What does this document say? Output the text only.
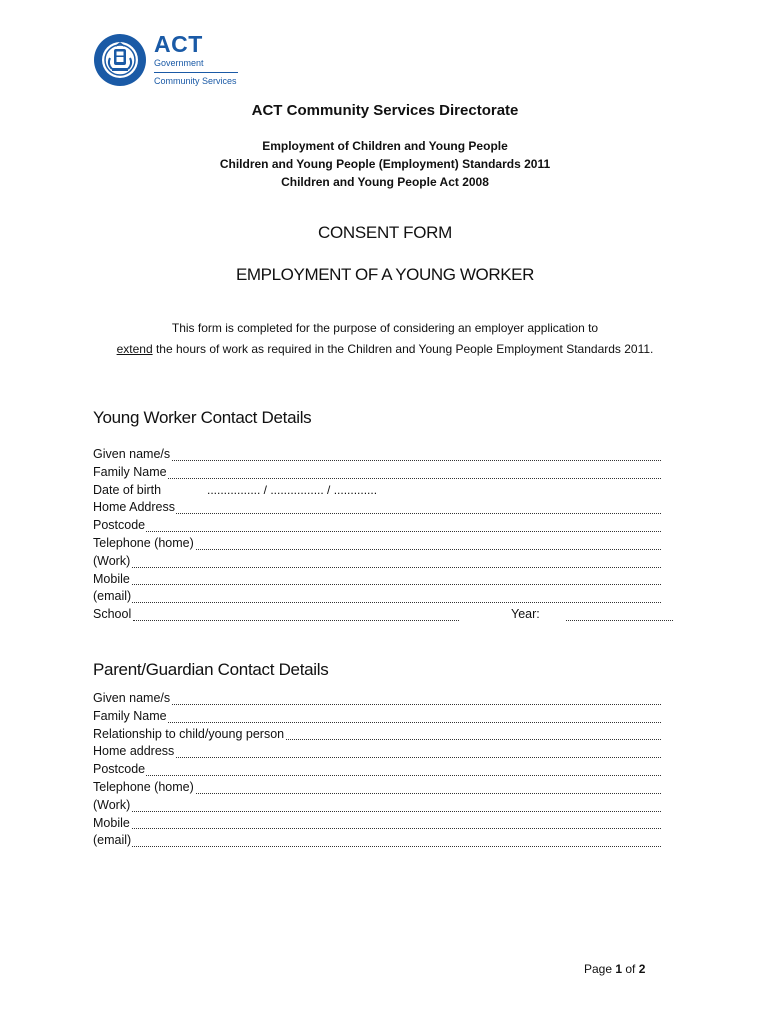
ACT
Government
Community Services
ACT Community Services Directorate
Employment of Children and Young People
Children and Young People (Employment) Standards 2011
Children and Young People Act 2008
CONSENT FORM
EMPLOYMENT OF A YOUNG WORKER
This form is completed for the purpose of considering an employer application to
extend the hours of work as required in the Children and Young People Employment Standards 2011.
Young Worker Contact Details
Given name/s
Family Name
Date of birth	................ / ................ / .............
Home Address
Postcode
Telephone (home)
(Work)
Mobile
(email)
School	Year:
Parent/Guardian Contact Details
Given name/s
Family Name
Relationship to child/young person
Home address
Postcode
Telephone (home)
(Work)
Mobile
(email)
Page 1 of 2
